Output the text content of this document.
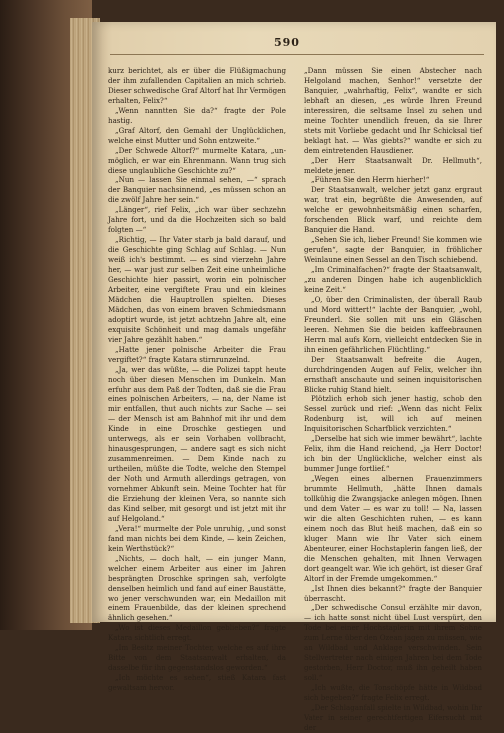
590

kurz berichtet, als er über die Flüßigmachung der ihm zufallenden Capitalien an mich schrieb. Dieser schwedische Graf Altorf hat Ihr Vermögen erhalten, Felix?“

„Wenn nanntten Sie da?“ fragte der Pole hastig.

„Graf Altorf, den Gemahl der Unglücklichen, welche einst Mutter und Sohn entzweite.“

„Der Schwede Altorf?“ murmelte Katara, „un-möglich, er war ein Ehrenmann. Wann trug sich diese unglaubliche Geschichte zu?“

„Nun — lassen Sie einmal sehen, —“ sprach der Banquier nachsinnend, „es müssen schon an die zwölf Jahre her sein.“

„Länger“, rief Felix, „ich war über sechzehn Jahre fort, und da die Hochzeiten sich so bald folgten —“

„Richtig, — Ihr Vater starb ja bald darauf, und die Geschichte ging Schlag auf Schlag. — Nun weiß ich's bestimmt. — es sind vierzehn Jahre her, — war just zur selben Zeit eine unheimliche Geschichte hier passirt, worin ein polnischer Arbeiter, eine vergiftete Frau und ein kleines Mädchen die Hauptrollen spielten. Dieses Mädchen, das von einem braven Schmiedsmann adoptirt wurde, ist jetzt achtzehn Jahre alt, eine exquisite Schönheit und mag damals ungefähr vier Jahre gezählt haben.“

„Hatte jener polnische Arbeiter die Frau vergiftet?“ fragte Katara stirnrunzelnd.

„Ja, wer das wüßte, — die Polizei tappt heute noch über diesen Menschen im Dunkeln. Man erfuhr aus dem Paß der Todten, daß sie die Frau eines polnischen Arbeiters, — na, der Name ist mir entfallen, thut auch nichts zur Sache — sei — der Mensch ist am Bahnhof mit ihr und dem Kinde in eine Droschke gestiegen und unterwegs, als er sein Vorhaben vollbracht, hinausgesprungen, — andere sagt es sich nicht zusammenreimen. — Dem Kinde nach zu urtheilen, müßte die Todte, welche den Stempel der Noth und Armuth allerdings getragen, von vornehmer Abkunft sein. Meine Tochter hat für die Erziehung der kleinen Vera, so nannte sich das Kind selber, mit gesorgt und ist jetzt mit ihr auf Helgoland.“

„Vera!“ murmelte der Pole unruhig, „und sonst fand man nichts bei dem Kinde, — kein Zeichen, kein Werthstück?“

„Nichts, — doch halt, — ein junger Mann, welcher einem Arbeiter aus einer im Jahren besprängten Droschke springen sah, verfolgte denselben heimlich und fand auf einer Baustätte, wo jener verschwunden war, ein Medaillon mit einem Frauenbilde, das der kleinen sprechend ähnlich gesehen.“

„Wo ist dieses Medaillon geblieben?“ fragte Katara sichtlich erregt.

„Im Besitz meiner Tochter, welche es auf ihre Bitte von dem Staatsanwalt erhalten, da dasselbe für ihn gegenstandslos geworden.“

„Ich möchte es sehen“, stieß Katara fast gewaltsam hervor.

„Dann müssen Sie einen Abstecher nach Helgoland machen, Senhor!“ versetzte der Banquier, „wahrhaftig, Felix“, wandte er sich lebhaft an diesen, „es würde Ihren Freund interessiren, die seltsame Insel zu sehen und meine Tochter unendlich freuen, da sie Ihrer stets mit Vorliebe gedacht und Ihr Schicksal tief beklagt hat. — Was giebts?“ wandte er sich zu dem eintretenden Hausdiener.

„Der Herr Staatsanwalt Dr. Hellmuth“, meldete jener.

„Führen Sie den Herrn hierher!“

Der Staatsanwalt, welcher jetzt ganz ergraut war, trat ein, begrüßte die Anwesenden, auf welche er gewohnheitsmäßig einen scharfen, forschenden Blick warf, und reichte dem Banquier die Hand.

„Sehen Sie ich, lieber Freund! Sie kommen wie gerufen“, sagte der Banquier, in fröhlicher Weinlaune einen Sessel an den Tisch schiebend.

„Im Criminalfachen?“ fragte der Staatsanwalt, „zu anderen Dingen habe ich augenblicklich keine Zeit.“

„O, über den Criminalisten, der überall Raub und Mord wittert!“ lachte der Banquier, „wohl, Freunderl. Sie sollen mit uns ein Gläschen leeren. Nehmen Sie die beiden kaffeebraunen Herrn mal aufs Korn, vielleicht entdecken Sie in ihn einen gefährlichen Flüchtling.“

Der Staatsanwalt befreite die Augen, durchdringenden Augen auf Felix, welcher ihn ernsthaft anschaute und seinen inquisitorischen Blicke ruhig Stand hielt.

Plötzlich erhob sich jener hastig, schob den Sessel zurück und rief: „Wenn das nicht Felix Rodenburg ist, will ich auf meinen Inquisitorischen Scharfblick verzichten.“

„Derselbe hat sich wie immer bewährt“, lachte Felix, ihm die Hand reichend, „ja Herr Doctor! ich bin der Unglückliche, welcher einst als bummer Junge fortlief.“

„Wegen eines albernen Frauenzimmers brummte Hellmuth, „hätte Ihnen damals tollkühig die Zwangsjacke anlegen mögen. Ihnen und dem Vater — es war zu toll! — Na, lassen wir die alten Geschichten ruhen, — es kann einem noch das Blut heiß machen, daß ein so kluger Mann wie Ihr Vater sich einem Abenteurer, einer Hochstaplerin fangen ließ, der die Menschen gehalten, mit Ihnen Verwagen dort geangelt war. Wie ich gehört, ist dieser Graf Altorf in der Fremde umgekommen.“

„Ist Ihnen dies bekannt?“ fragte der Banquier überrascht.

„Der schwedische Consul erzählte mir davon, — ich hatte sonst nicht übel Lust verspürt, den Tode bei einer Hochstaplerin mit ihrem Sohne zum Lerne über den Ozean jagen zu müssen, wie an Wildbad und Anklage verschwinden. Sein Stellvertreter nach einigen Jahren bei dem Tode gestorben, Herr Doctor, muß ihn geheilt haben soll.“

„Ich wußte, die Tonschöpfe hätte in Wildbad sich begeben?“ fragte Felix erregt.

„Der Schlaganfall spielte in Wildbad, wohin Ihr Vater in seiner gerechtfertigen Eifersucht mit der
